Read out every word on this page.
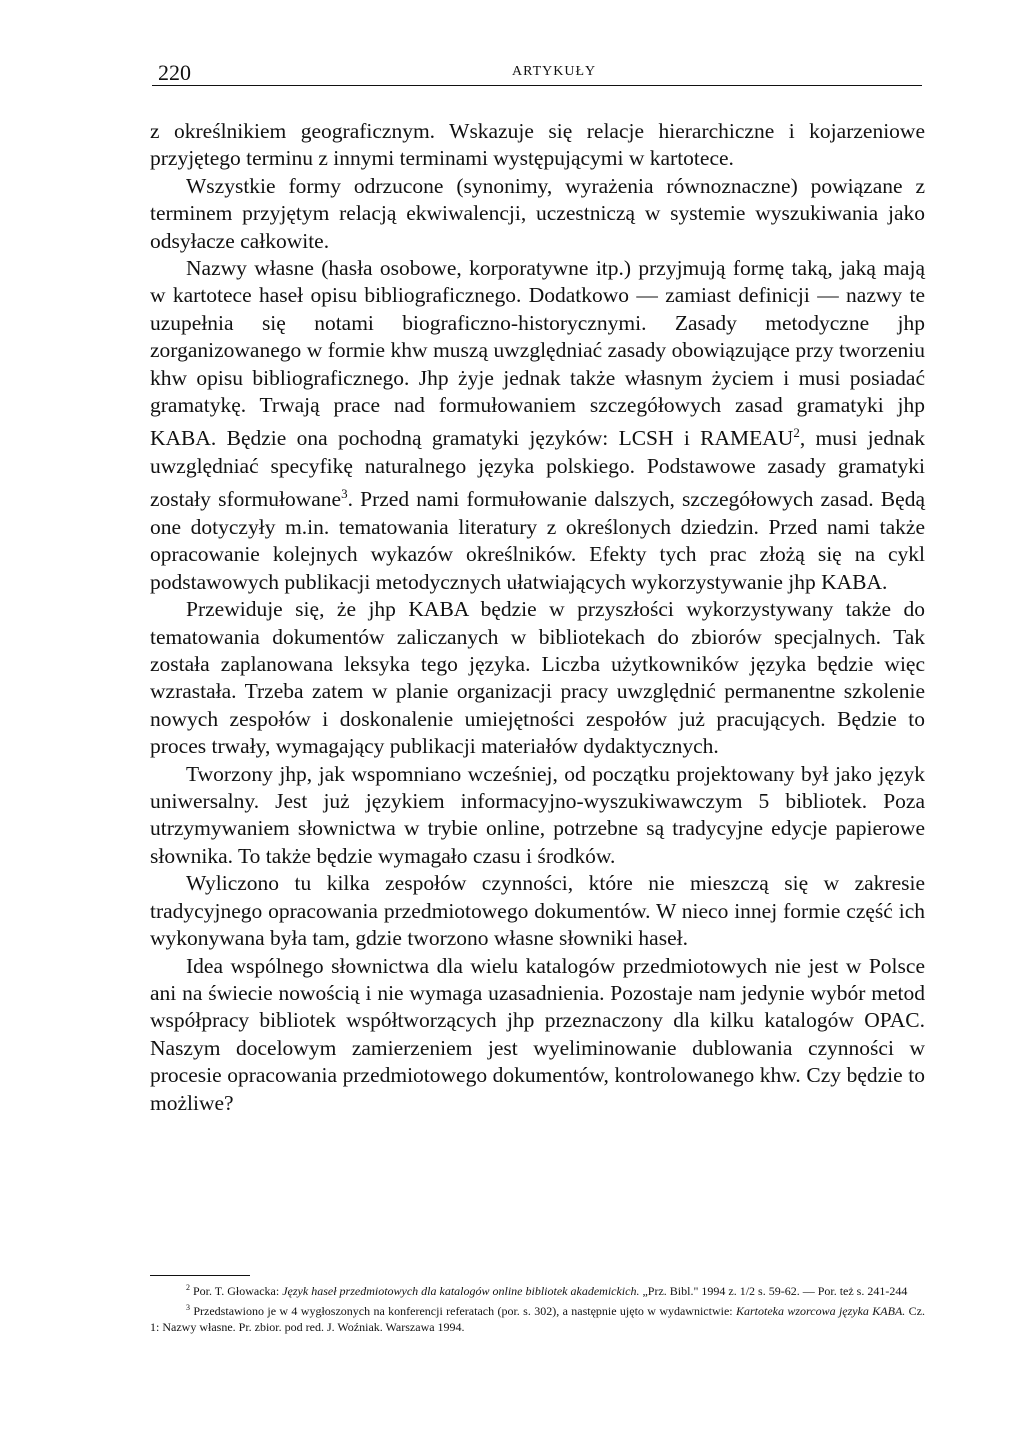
220	ARTYKUŁY

z określnikiem geograficznym. Wskazuje się relacje hierarchiczne i kojarzeniowe przyjętego terminu z innymi terminami występującymi w kartotece.

Wszystkie formy odrzucone (synonimy, wyrażenia równoznaczne) powiązane z terminem przyjętym relacją ekwiwalencji, uczestniczą w systemie wyszukiwania jako odsyłacze całkowite.

Nazwy własne (hasła osobowe, korporatywne itp.) przyjmują formę taką, jaką mają w kartotece haseł opisu bibliograficznego. Dodatkowo — zamiast definicji — nazwy te uzupełnia się notami biograficzno-historycznymi. Zasady metodyczne jhp zorganizowanego w formie khw muszą uwzględniać zasady obowiązujące przy tworzeniu khw opisu bibliograficznego. Jhp żyje jednak także własnym życiem i musi posiadać gramatykę. Trwają prace nad formułowaniem szczegółowych zasad gramatyki jhp KABA. Będzie ona pochodną gramatyki języków: LCSH i RAMEAU$^2$, musi jednak uwzględniać specyfikę naturalnego języka polskiego. Podstawowe zasady gramatyki zostały sformułowane$^3$. Przed nami formułowanie dalszych, szczegółowych zasad. Będą one dotyczyły m.in. tematowania literatury z określonych dziedzin. Przed nami także opracowanie kolejnych wykazów określników. Efekty tych prac złożą się na cykl podstawowych publikacji metodycznych ułatwiających wykorzystywanie jhp KABA.

Przewiduje się, że jhp KABA będzie w przyszłości wykorzystywany także do tematowania dokumentów zaliczanych w bibliotekach do zbiorów specjalnych. Tak została zaplanowana leksyka tego języka. Liczba użytkowników języka będzie więc wzrastała. Trzeba zatem w planie organizacji pracy uwzględnić permanentne szkolenie nowych zespołów i doskonalenie umiejętności zespołów już pracujących. Będzie to proces trwały, wymagający publikacji materiałów dydaktycznych.

Tworzony jhp, jak wspomniano wcześniej, od początku projektowany był jako język uniwersalny. Jest już językiem informacyjno-wyszukiwawczym 5 bibliotek. Poza utrzymywaniem słownictwa w trybie online, potrzebne są tradycyjne edycje papierowe słownika. To także będzie wymagało czasu i środków.

Wyliczono tu kilka zespołów czynności, które nie mieszczą się w zakresie tradycyjnego opracowania przedmiotowego dokumentów. W nieco innej formie część ich wykonywana była tam, gdzie tworzono własne słowniki haseł.

Idea wspólnego słownictwa dla wielu katalogów przedmiotowych nie jest w Polsce ani na świecie nowością i nie wymaga uzasadnienia. Pozostaje nam jedynie wybór metod współpracy bibliotek współtworzących jhp przeznaczony dla kilku katalogów OPAC. Naszym docelowym zamierzeniem jest wyeliminowanie dublowania czynności w procesie opracowania przedmiotowego dokumentów, kontrolowanego khw. Czy będzie to możliwe?

$^2$ Por. T. Głowacka: Język haseł przedmiotowych dla katalogów online bibliotek akademickich. „Prz. Bibl." 1994 z. 1/2 s. 59-62. — Por. też s. 241-244

$^3$ Przedstawiono je w 4 wygłoszonych na konferencji referatach (por. s. 302), a następnie ujęto w wydawnictwie: Kartoteka wzorcowa języka KABA. Cz. 1: Nazwy własne. Pr. zbior. pod red. J. Woźniak. Warszawa 1994.
